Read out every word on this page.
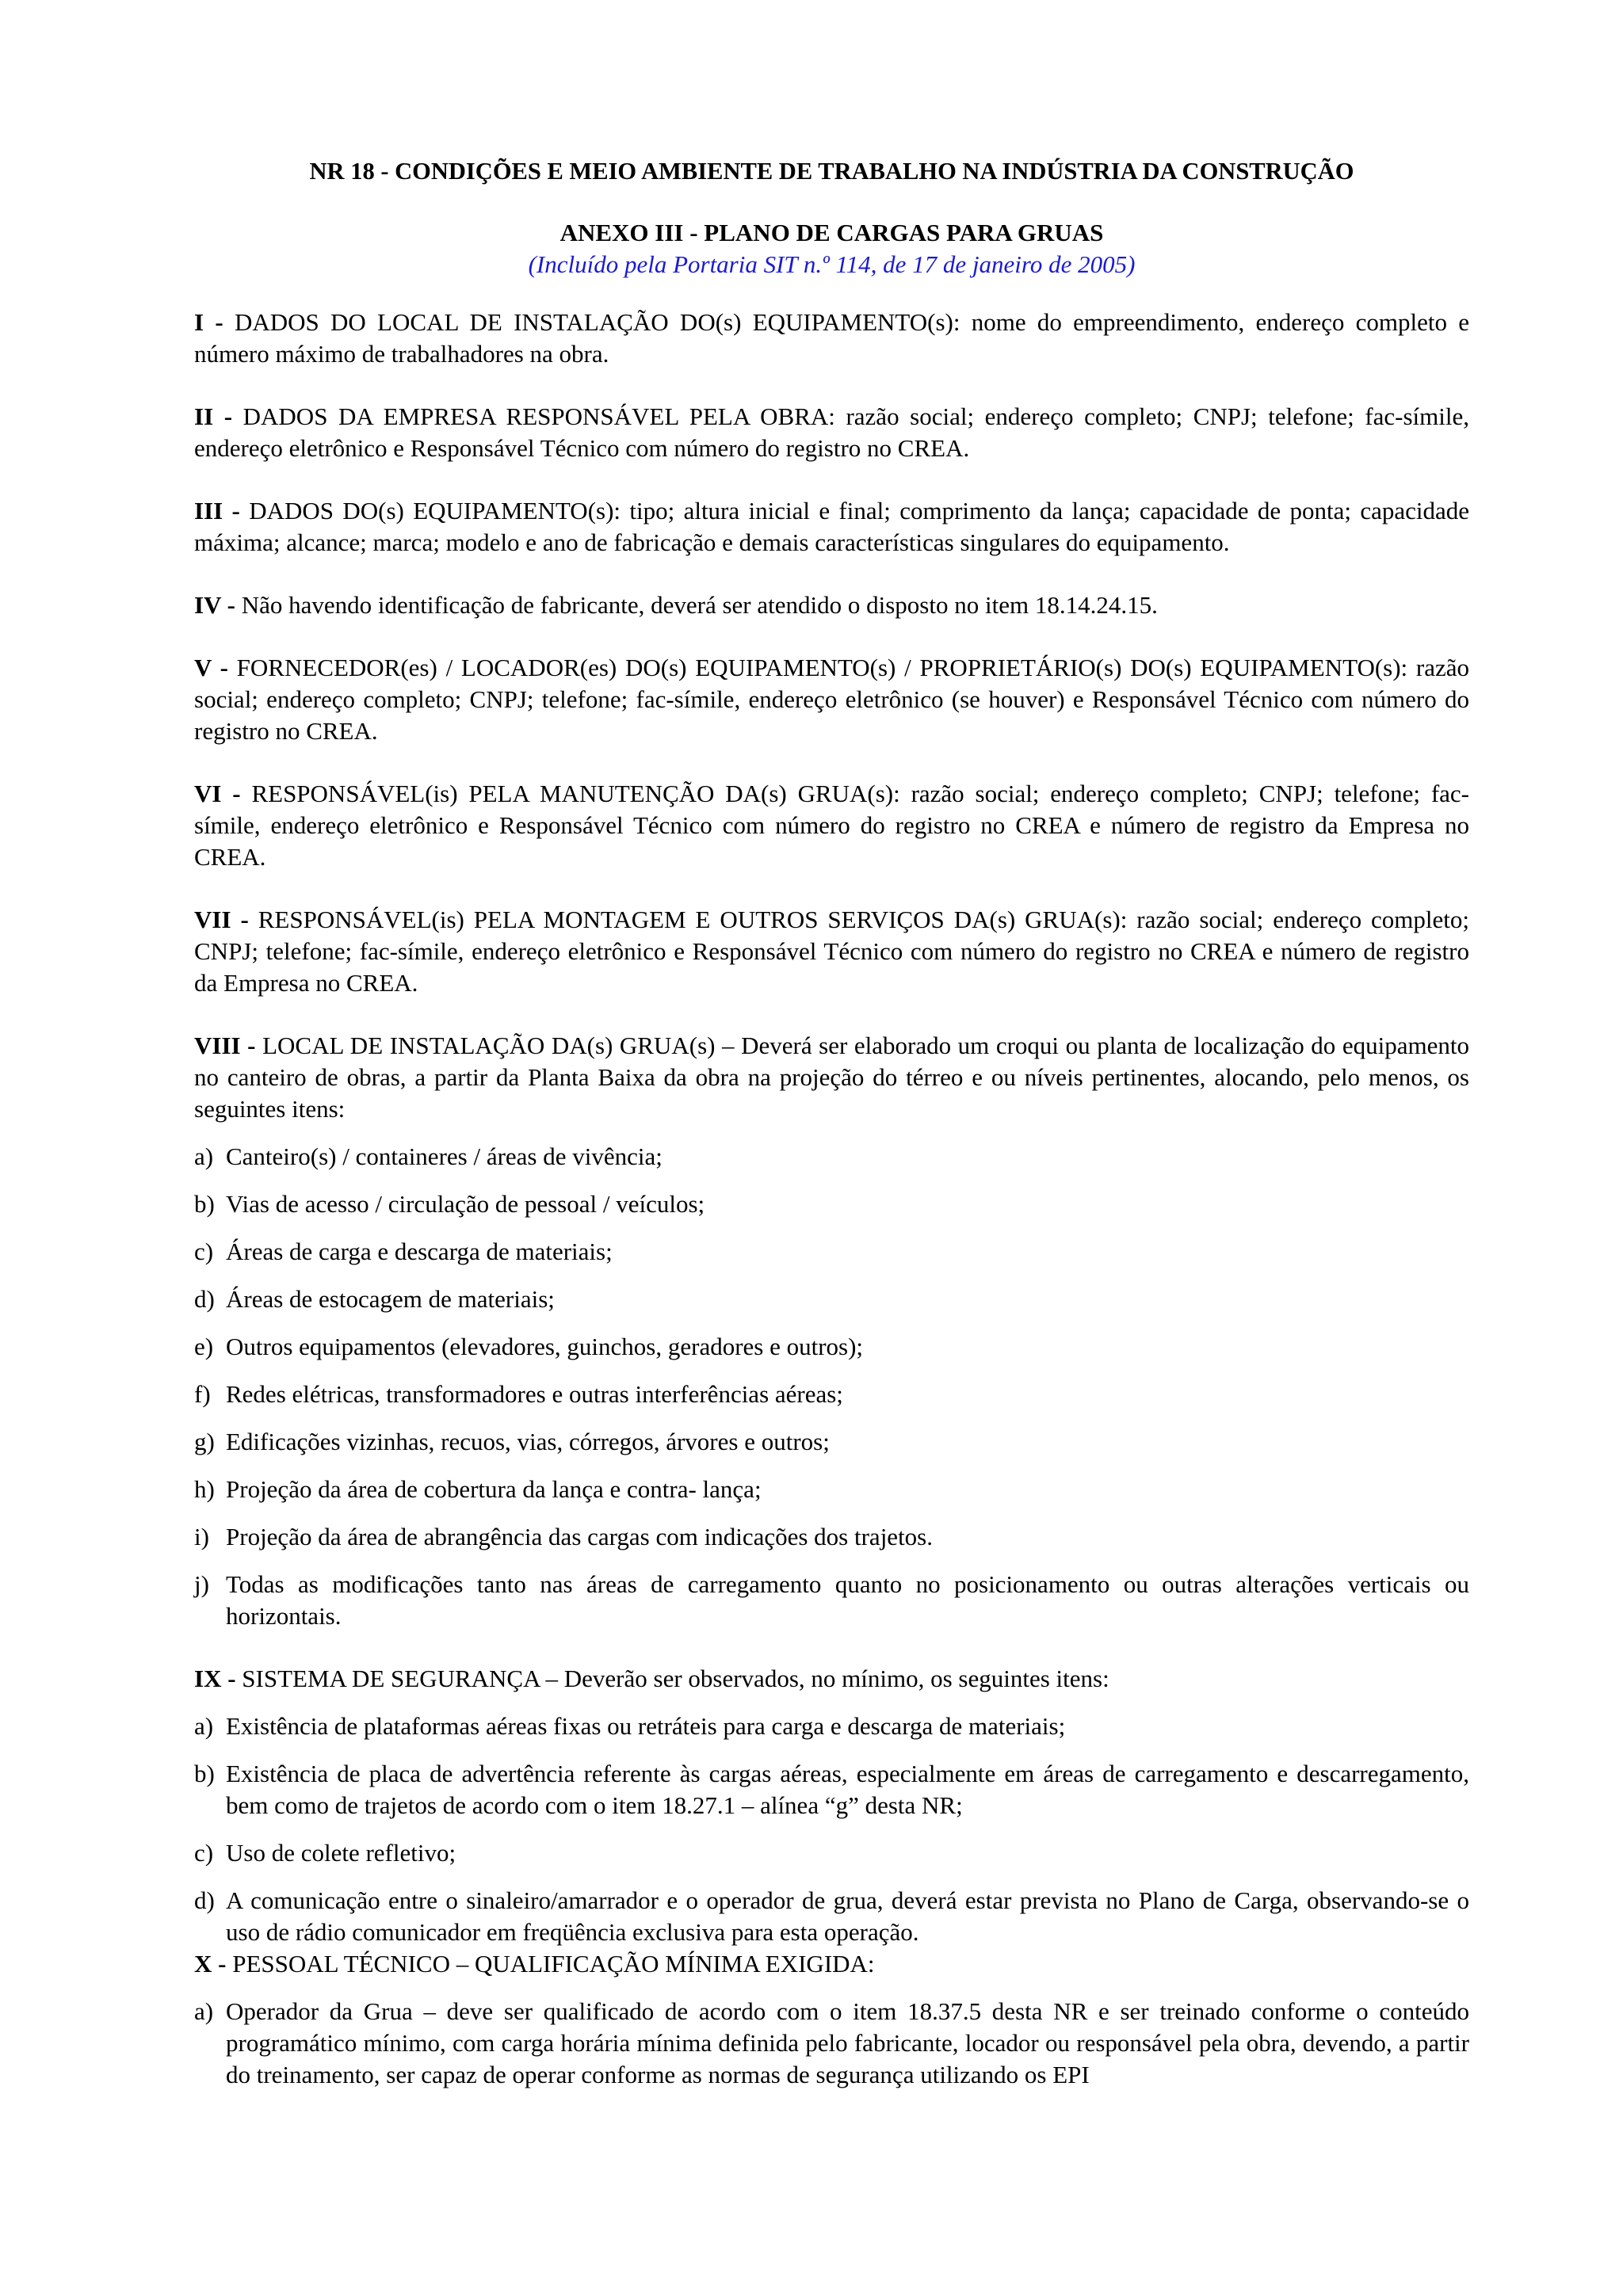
NR 18 - CONDIÇÕES E MEIO AMBIENTE DE TRABALHO NA INDÚSTRIA DA CONSTRUÇÃO
ANEXO III - PLANO DE CARGAS PARA GRUAS
(Incluído pela Portaria SIT n.º 114, de 17 de janeiro de 2005)

I - DADOS DO LOCAL DE INSTALAÇÃO DO(s) EQUIPAMENTO(s): nome do empreendimento, endereço completo e número máximo de trabalhadores na obra.

II - DADOS DA EMPRESA RESPONSÁVEL PELA OBRA: razão social; endereço completo; CNPJ; telefone; fac-símile, endereço eletrônico e Responsável Técnico com número do registro no CREA.

III - DADOS DO(s) EQUIPAMENTO(s): tipo; altura inicial e final; comprimento da lança; capacidade de ponta; capacidade máxima; alcance; marca; modelo e ano de fabricação e demais características singulares do equipamento.

IV - Não havendo identificação de fabricante, deverá ser atendido o disposto no item 18.14.24.15.

V - FORNECEDOR(es) / LOCADOR(es) DO(s) EQUIPAMENTO(s) / PROPRIETÁRIO(s) DO(s) EQUIPAMENTO(s): razão social; endereço completo; CNPJ; telefone; fac-símile, endereço eletrônico (se houver) e Responsável Técnico com número do registro no CREA.

VI - RESPONSÁVEL(is) PELA MANUTENÇÃO DA(s) GRUA(s): razão social; endereço completo; CNPJ; telefone; fac-símile, endereço eletrônico e Responsável Técnico com número do registro no CREA e número de registro da Empresa no CREA.

VII - RESPONSÁVEL(is) PELA MONTAGEM E OUTROS SERVIÇOS DA(s) GRUA(s): razão social; endereço completo; CNPJ; telefone; fac-símile, endereço eletrônico e Responsável Técnico com número do registro no CREA e número de registro da Empresa no CREA.

VIII - LOCAL DE INSTALAÇÃO DA(s) GRUA(s) – Deverá ser elaborado um croqui ou planta de localização do equipamento no canteiro de obras, a partir da Planta Baixa da obra na projeção do térreo e ou níveis pertinentes, alocando, pelo menos, os seguintes itens:

a) Canteiro(s) / containeres / áreas de vivência;
b) Vias de acesso / circulação de pessoal / veículos;
c) Áreas de carga e descarga de materiais;
d) Áreas de estocagem de materiais;
e) Outros equipamentos (elevadores, guinchos, geradores e outros);
f) Redes elétricas, transformadores e outras interferências aéreas;
g) Edificações vizinhas, recuos, vias, córregos, árvores e outros;
h) Projeção da área de cobertura da lança e contra- lança;
i) Projeção da área de abrangência das cargas com indicações dos trajetos.
j) Todas as modificações tanto nas áreas de carregamento quanto no posicionamento ou outras alterações verticais ou horizontais.

IX - SISTEMA DE SEGURANÇA – Deverão ser observados, no mínimo, os seguintes itens:

a) Existência de plataformas aéreas fixas ou retráteis para carga e descarga de materiais;
b) Existência de placa de advertência referente às cargas aéreas, especialmente em áreas de carregamento e descarregamento, bem como de trajetos de acordo com o item 18.27.1 – alínea “g” desta NR;
c) Uso de colete refletivo;
d) A comunicação entre o sinaleiro/amarrador e o operador de grua, deverá estar prevista no Plano de Carga, observando-se o uso de rádio comunicador em freqüência exclusiva para esta operação.

X - PESSOAL TÉCNICO – QUALIFICAÇÃO MÍNIMA EXIGIDA:

a) Operador da Grua – deve ser qualificado de acordo com o item 18.37.5 desta NR e ser treinado conforme o conteúdo programático mínimo, com carga horária mínima definida pelo fabricante, locador ou responsável pela obra, devendo, a partir do treinamento, ser capaz de operar conforme as normas de segurança utilizando os EPI
